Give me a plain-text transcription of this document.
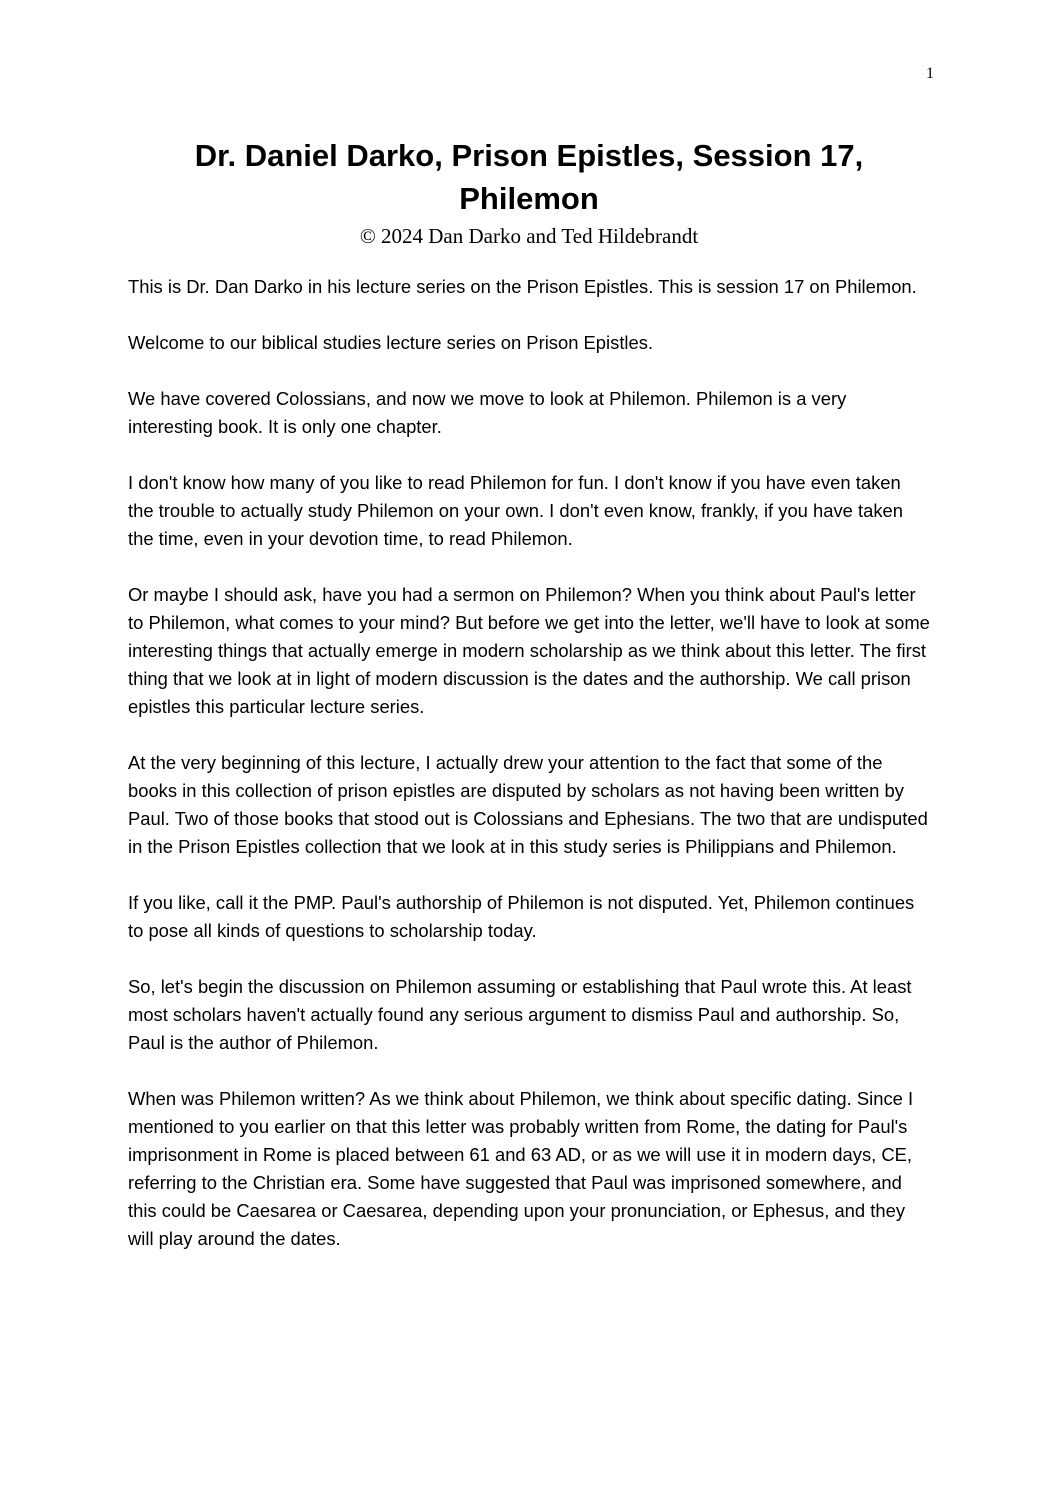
1
Dr. Daniel Darko, Prison Epistles, Session 17, Philemon
© 2024 Dan Darko and Ted Hildebrandt

This is Dr. Dan Darko in his lecture series on the Prison Epistles. This is session 17 on Philemon.

Welcome to our biblical studies lecture series on Prison Epistles.

We have covered Colossians, and now we move to look at Philemon. Philemon is a very interesting book. It is only one chapter.

I don't know how many of you like to read Philemon for fun. I don't know if you have even taken the trouble to actually study Philemon on your own. I don't even know, frankly, if you have taken the time, even in your devotion time, to read Philemon.

Or maybe I should ask, have you had a sermon on Philemon? When you think about Paul's letter to Philemon, what comes to your mind? But before we get into the letter, we'll have to look at some interesting things that actually emerge in modern scholarship as we think about this letter. The first thing that we look at in light of modern discussion is the dates and the authorship. We call prison epistles this particular lecture series.

At the very beginning of this lecture, I actually drew your attention to the fact that some of the books in this collection of prison epistles are disputed by scholars as not having been written by Paul. Two of those books that stood out is Colossians and Ephesians. The two that are undisputed in the Prison Epistles collection that we look at in this study series is Philippians and Philemon.

If you like, call it the PMP. Paul's authorship of Philemon is not disputed. Yet, Philemon continues to pose all kinds of questions to scholarship today.

So, let's begin the discussion on Philemon assuming or establishing that Paul wrote this. At least most scholars haven't actually found any serious argument to dismiss Paul and authorship. So, Paul is the author of Philemon.

When was Philemon written? As we think about Philemon, we think about specific dating. Since I mentioned to you earlier on that this letter was probably written from Rome, the dating for Paul's imprisonment in Rome is placed between 61 and 63 AD, or as we will use it in modern days, CE, referring to the Christian era. Some have suggested that Paul was imprisoned somewhere, and this could be Caesarea or Caesarea, depending upon your pronunciation, or Ephesus, and they will play around the dates.
